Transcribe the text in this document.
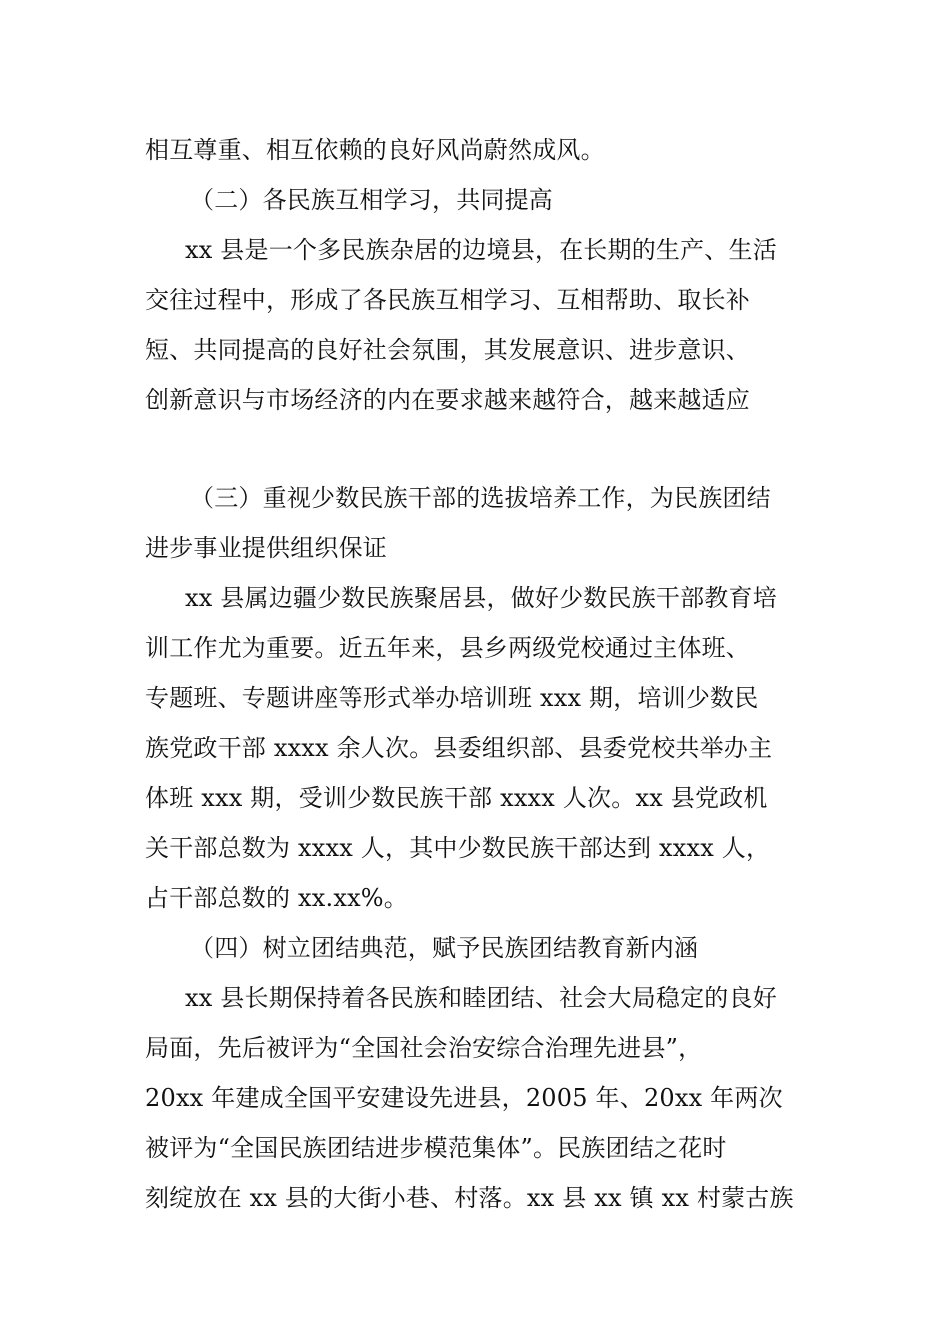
相互尊重、相互依赖的良好风尚蔚然成风。
（二）各民族互相学习，共同提高
xx 县是一个多民族杂居的边境县，在长期的生产、生活
交往过程中，形成了各民族互相学习、互相帮助、取长补
短、共同提高的良好社会氛围，其发展意识、进步意识、
创新意识与市场经济的内在要求越来越符合，越来越适应
（三）重视少数民族干部的选拔培养工作，为民族团结
进步事业提供组织保证
xx 县属边疆少数民族聚居县，做好少数民族干部教育培
训工作尤为重要。近五年来，县乡两级党校通过主体班、
专题班、专题讲座等形式举办培训班 xxx 期，培训少数民
族党政干部 xxxx 余人次。县委组织部、县委党校共举办主
体班 xxx 期，受训少数民族干部 xxxx 人次。xx 县党政机
关干部总数为 xxxx 人，其中少数民族干部达到 xxxx 人，
占干部总数的 xx.xx%。
（四）树立团结典范，赋予民族团结教育新内涵
xx 县长期保持着各民族和睦团结、社会大局稳定的良好
局面，先后被评为“全国社会治安综合治理先进县”，
20xx 年建成全国平安建设先进县，2005 年、20xx 年两次
被评为“全国民族团结进步模范集体”。民族团结之花时
刻绽放在 xx 县的大街小巷、村落。xx 县 xx 镇 xx 村蒙古族
